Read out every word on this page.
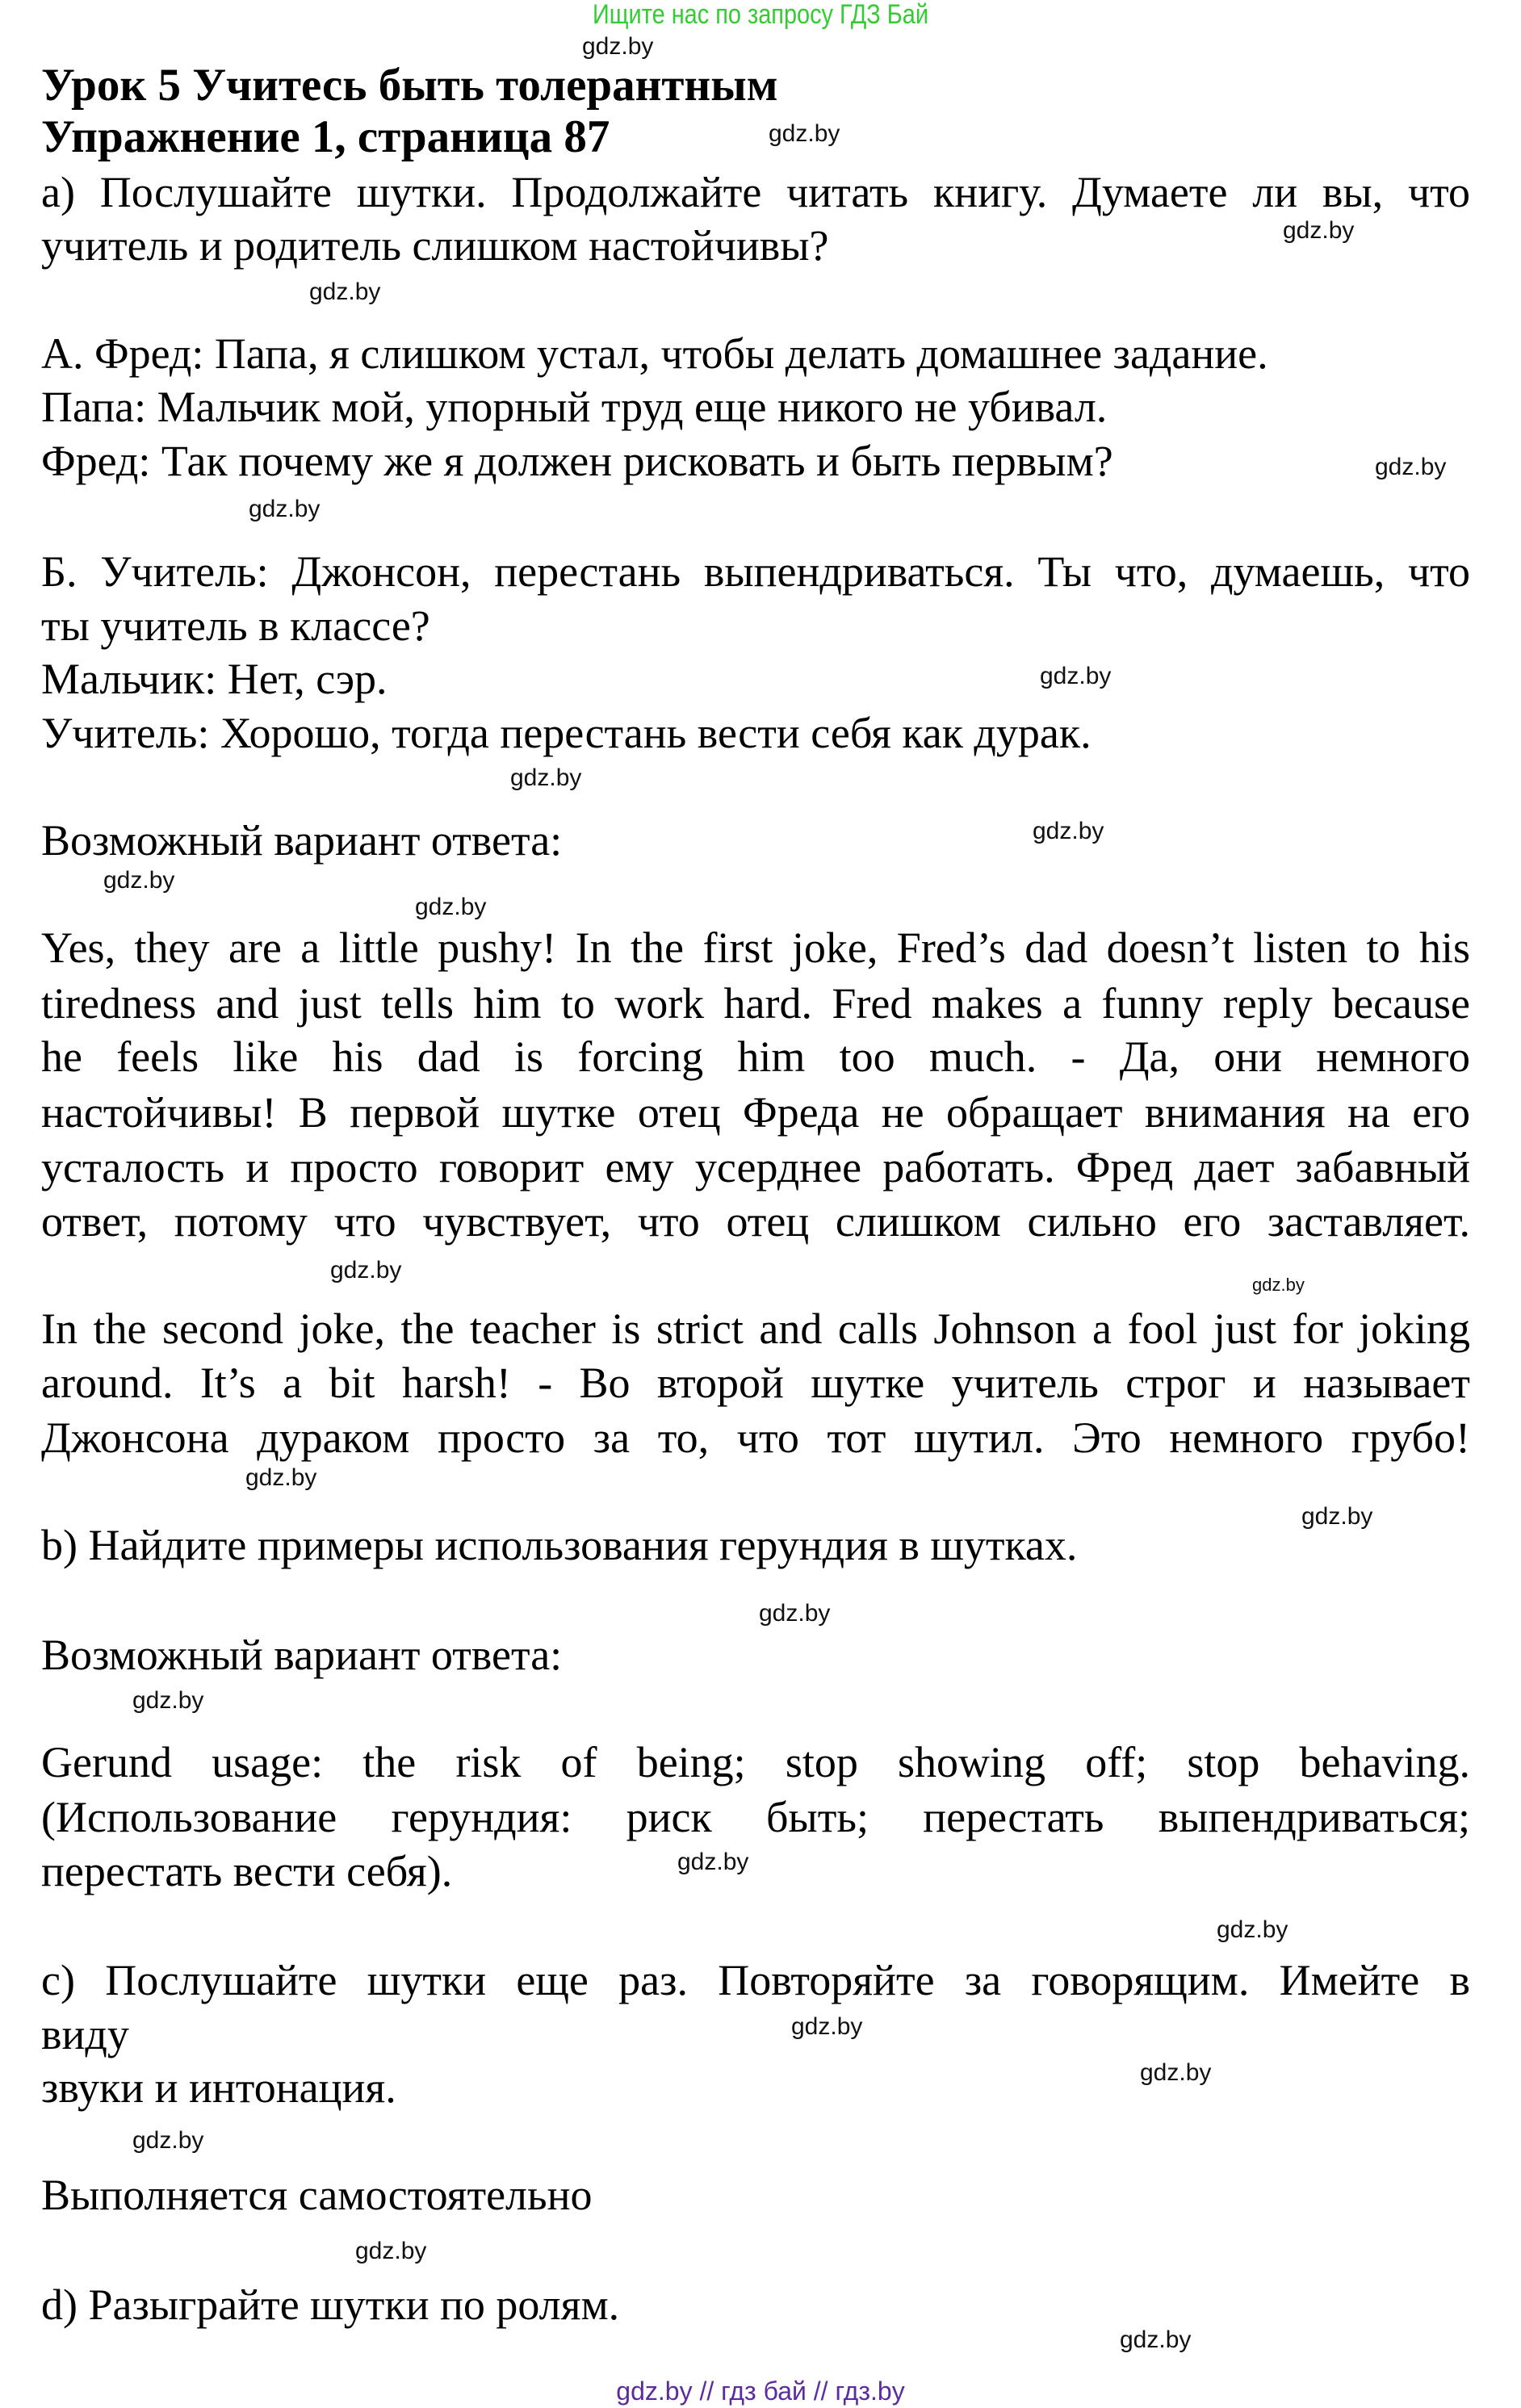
Ищите нас по запросу ГДЗ Бай
Урок 5 Учитесь быть толерантным
Упражнение 1, страница 87
а) Послушайте шутки. Продолжайте читать книгу. Думаете ли вы, что
учитель и родитель слишком настойчивы?
А. Фред: Папа, я слишком устал, чтобы делать домашнее задание.
Папа: Мальчик мой, упорный труд еще никого не убивал.
Фред: Так почему же я должен рисковать и быть первым?
Б. Учитель: Джонсон, перестань выпендриваться. Ты что, думаешь, что
ты учитель в классе?
Мальчик: Нет, сэр.
Учитель: Хорошо, тогда перестань вести себя как дурак.
Возможный вариант ответа:
Yes, they are a little pushy! In the first joke, Fred’s dad doesn’t listen to his
tiredness and just tells him to work hard. Fred makes a funny reply because
he feels like his dad is forcing him too much. - Да, они немного
настойчивы! В первой шутке отец Фреда не обращает внимания на его
усталость и просто говорит ему усерднее работать. Фред дает забавный
ответ, потому что чувствует, что отец слишком сильно его заставляет.
In the second joke, the teacher is strict and calls Johnson a fool just for joking
around. It’s a bit harsh! - Во второй шутке учитель строг и называет
Джонсона дураком просто за то, что тот шутил. Это немного грубо!
b) Найдите примеры использования герундия в шутках.
Возможный вариант ответа:
Gerund usage: the risk of being; stop showing off; stop behaving.
(Использование герундия: риск быть; перестать выпендриваться;
перестать вести себя).
c) Послушайте шутки еще раз. Повторяйте за говорящим. Имейте в
виду
звуки и интонация.
Выполняется самостоятельно
d) Разыграйте шутки по ролям.
gdz.by
gdz.by
gdz.by
gdz.by
gdz.by
gdz.by
gdz.by
gdz.by
gdz.by
gdz.by
gdz.by
gdz.by
gdz.by
gdz.by
gdz.by
gdz.by
gdz.by
gdz.by
gdz.by
gdz.by
gdz.by
gdz.by
gdz.by
gdz.by
gdz.by // гдз бай // гдз.by
